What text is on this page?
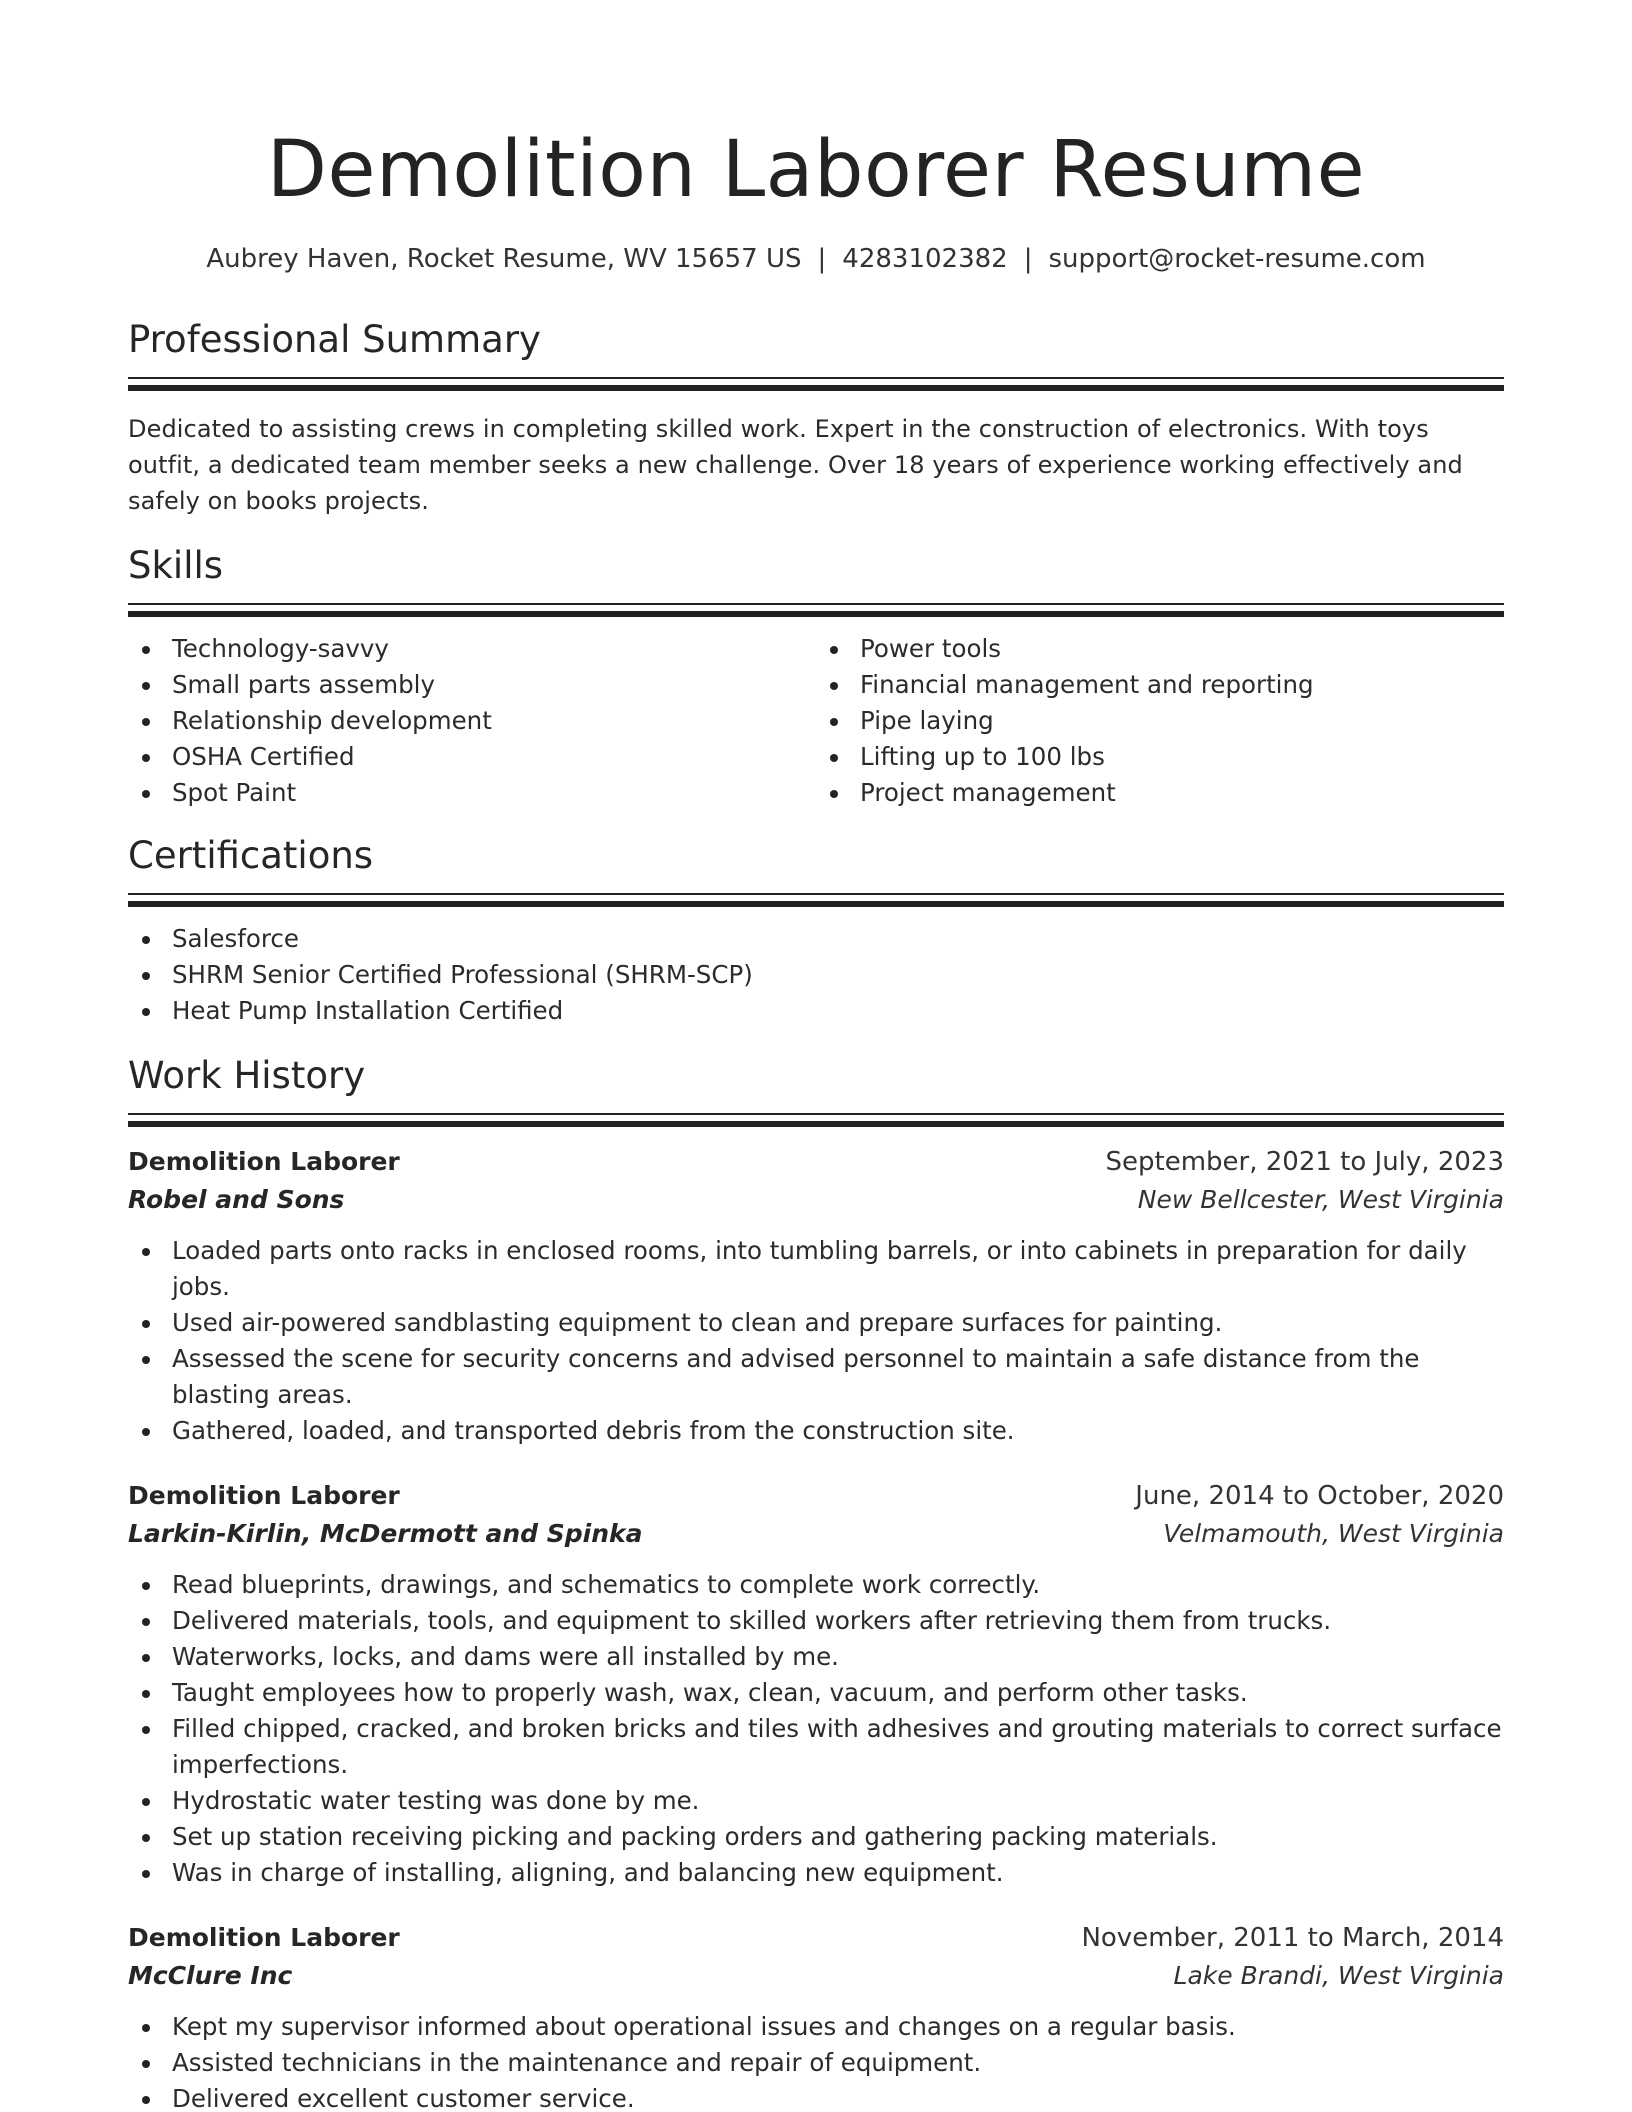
Demolition Laborer Resume
Aubrey Haven, Rocket Resume, WV 15657 US | 4283102382 | support@rocket-resume.com
Professional Summary

Dedicated to assisting crews in completing skilled work. Expert in the construction of electronics. With toys outfit, a dedicated team member seeks a new challenge. Over 18 years of experience working effectively and safely on books projects.

Skills
Technology-savvy
Small parts assembly
Relationship development
OSHA Certified
Spot Paint
Power tools
Financial management and reporting
Pipe laying
Lifting up to 100 lbs
Project management
Certifications
Salesforce
SHRM Senior Certified Professional (SHRM-SCP)
Heat Pump Installation Certified
Work History
Demolition Laborer	September, 2021 to July, 2023
Robel and Sons	New Bellcester, West Virginia
Loaded parts onto racks in enclosed rooms, into tumbling barrels, or into cabinets in preparation for daily jobs.
Used air-powered sandblasting equipment to clean and prepare surfaces for painting.
Assessed the scene for security concerns and advised personnel to maintain a safe distance from the blasting areas.
Gathered, loaded, and transported debris from the construction site.
Demolition Laborer	June, 2014 to October, 2020
Larkin-Kirlin, McDermott and Spinka	Velmamouth, West Virginia
Read blueprints, drawings, and schematics to complete work correctly.
Delivered materials, tools, and equipment to skilled workers after retrieving them from trucks.
Waterworks, locks, and dams were all installed by me.
Taught employees how to properly wash, wax, clean, vacuum, and perform other tasks.
Filled chipped, cracked, and broken bricks and tiles with adhesives and grouting materials to correct surface imperfections.
Hydrostatic water testing was done by me.
Set up station receiving picking and packing orders and gathering packing materials.
Was in charge of installing, aligning, and balancing new equipment.
Demolition Laborer	November, 2011 to March, 2014
McClure Inc	Lake Brandi, West Virginia
Kept my supervisor informed about operational issues and changes on a regular basis.
Assisted technicians in the maintenance and repair of equipment.
Delivered excellent customer service.
